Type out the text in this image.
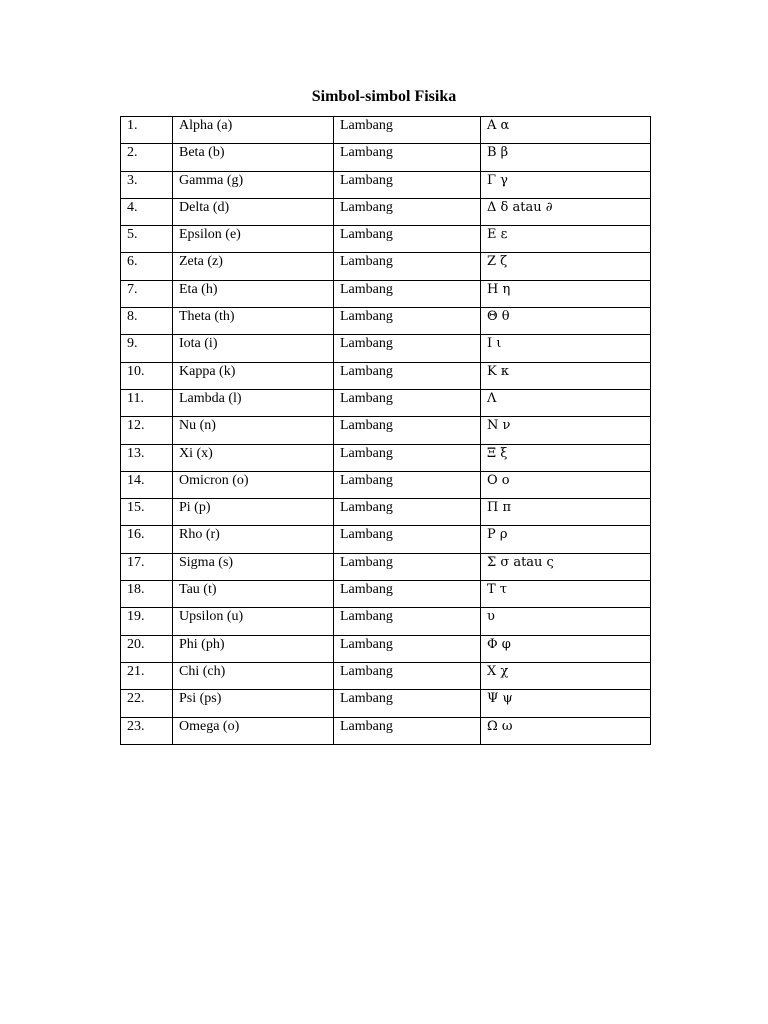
Simbol-simbol Fisika
1.	Alpha (a)	Lambang	Α α
2.	Beta (b)	Lambang	Β β
3.	Gamma (g)	Lambang	Γ γ
4.	Delta (d)	Lambang	Δ δ atau ∂
5.	Epsilon (e)	Lambang	Ε ε
6.	Zeta (z)	Lambang	Ζ ζ
7.	Eta (h)	Lambang	Η η
8.	Theta (th)	Lambang	Θ θ
9.	Iota (i)	Lambang	Ι ι
10.	Kappa (k)	Lambang	Κ κ
11.	Lambda (l)	Lambang	Λ
12.	Nu (n)	Lambang	Ν ν
13.	Xi (x)	Lambang	Ξ ξ
14.	Omicron (o)	Lambang	Ο ο
15.	Pi (p)	Lambang	Π π
16.	Rho (r)	Lambang	Ρ ρ
17.	Sigma (s)	Lambang	Σ σ atau ς
18.	Tau (t)	Lambang	Τ τ
19.	Upsilon (u)	Lambang	υ
20.	Phi (ph)	Lambang	Φ φ
21.	Chi (ch)	Lambang	Χ χ
22.	Psi (ps)	Lambang	Ψ ψ
23.	Omega (o)	Lambang	Ω ω
